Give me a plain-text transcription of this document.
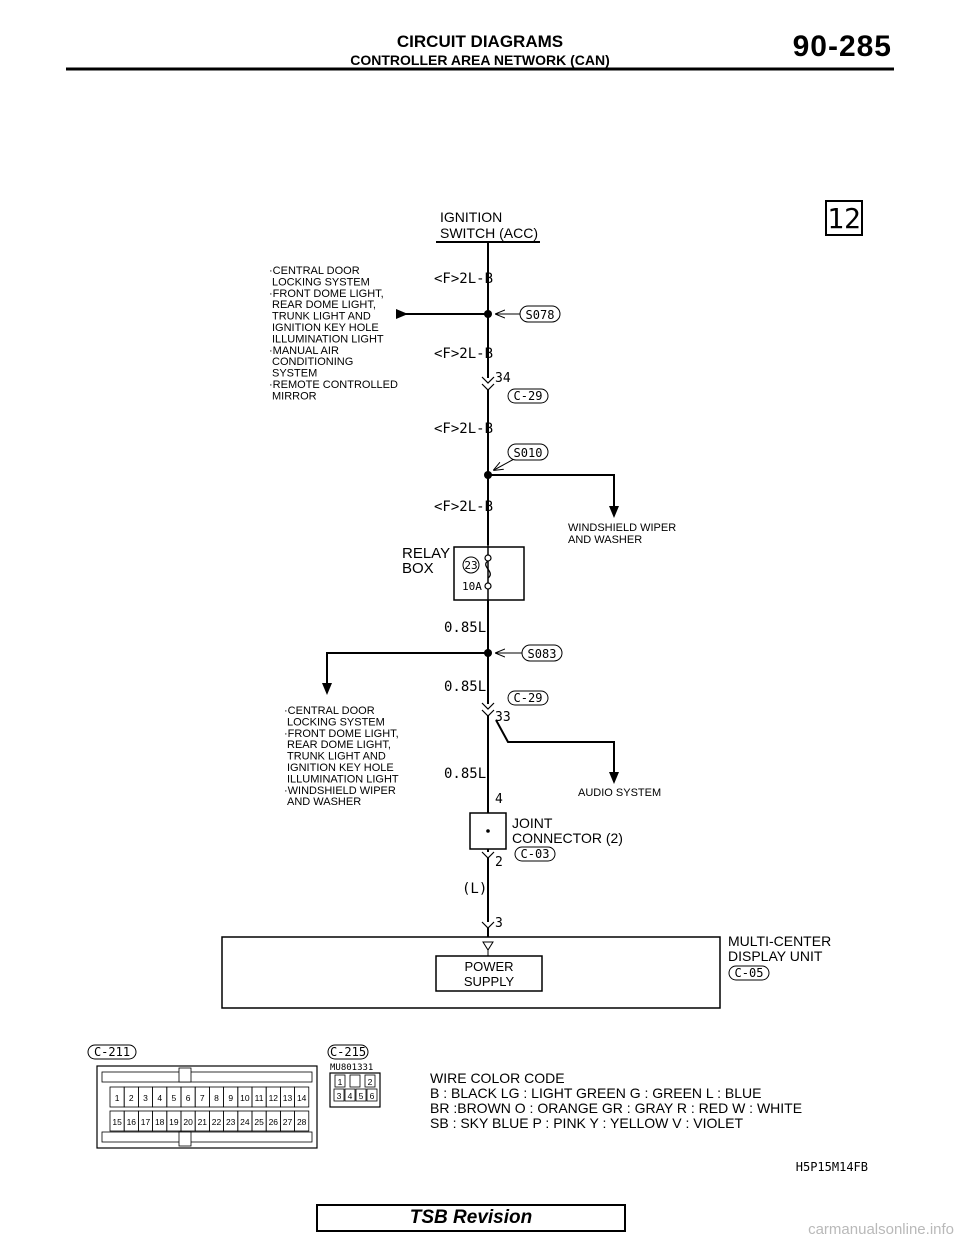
CIRCUIT DIAGRAMS
CONTROLLER AREA NETWORK (CAN)	90-285
12
IGNITION
SWITCH (ACC)
<F>2L-B
<F>2L-B
<F>2L-B
<F>2L-B
0.85L
0.85L
0.85L
(L)
S078
34
C-29
S010
WINDSHIELD WIPER
AND WASHER
RELAY
BOX	23
10A
S083
C-29
33
AUDIO SYSTEM
4
JOINT
CONNECTOR (2)
C-03
2
3
POWER
SUPPLY
MULTI-CENTER
DISPLAY UNIT
C-05
C-211
1 2 3 4 5 6 7 8 9 10 11 12 13 14
15 16 17 18 19 20 21 22 23 24 25 26 27 28
C-215
MU801331
1	2
3 4 5 6
WIRE COLOR CODE
B : BLACK LG : LIGHT GREEN G : GREEN L : BLUE
BR :BROWN O : ORANGE GR : GRAY R : RED W : WHITE
SB : SKY BLUE P : PINK Y : YELLOW V : VIOLET
H5P15M14FB
·CENTRAL DOOR
LOCKING SYSTEM
·FRONT DOME LIGHT,
REAR DOME LIGHT,
TRUNK LIGHT AND
IGNITION KEY HOLE
ILLUMINATION LIGHT
·MANUAL AIR
CONDITIONING
SYSTEM
·REMOTE CONTROLLED
MIRROR
·CENTRAL DOOR
LOCKING SYSTEM
·FRONT DOME LIGHT,
REAR DOME LIGHT,
TRUNK LIGHT AND
IGNITION KEY HOLE
ILLUMINATION LIGHT
·WINDSHIELD WIPER
AND WASHER
TSB Revision
carmanualsonline.info
